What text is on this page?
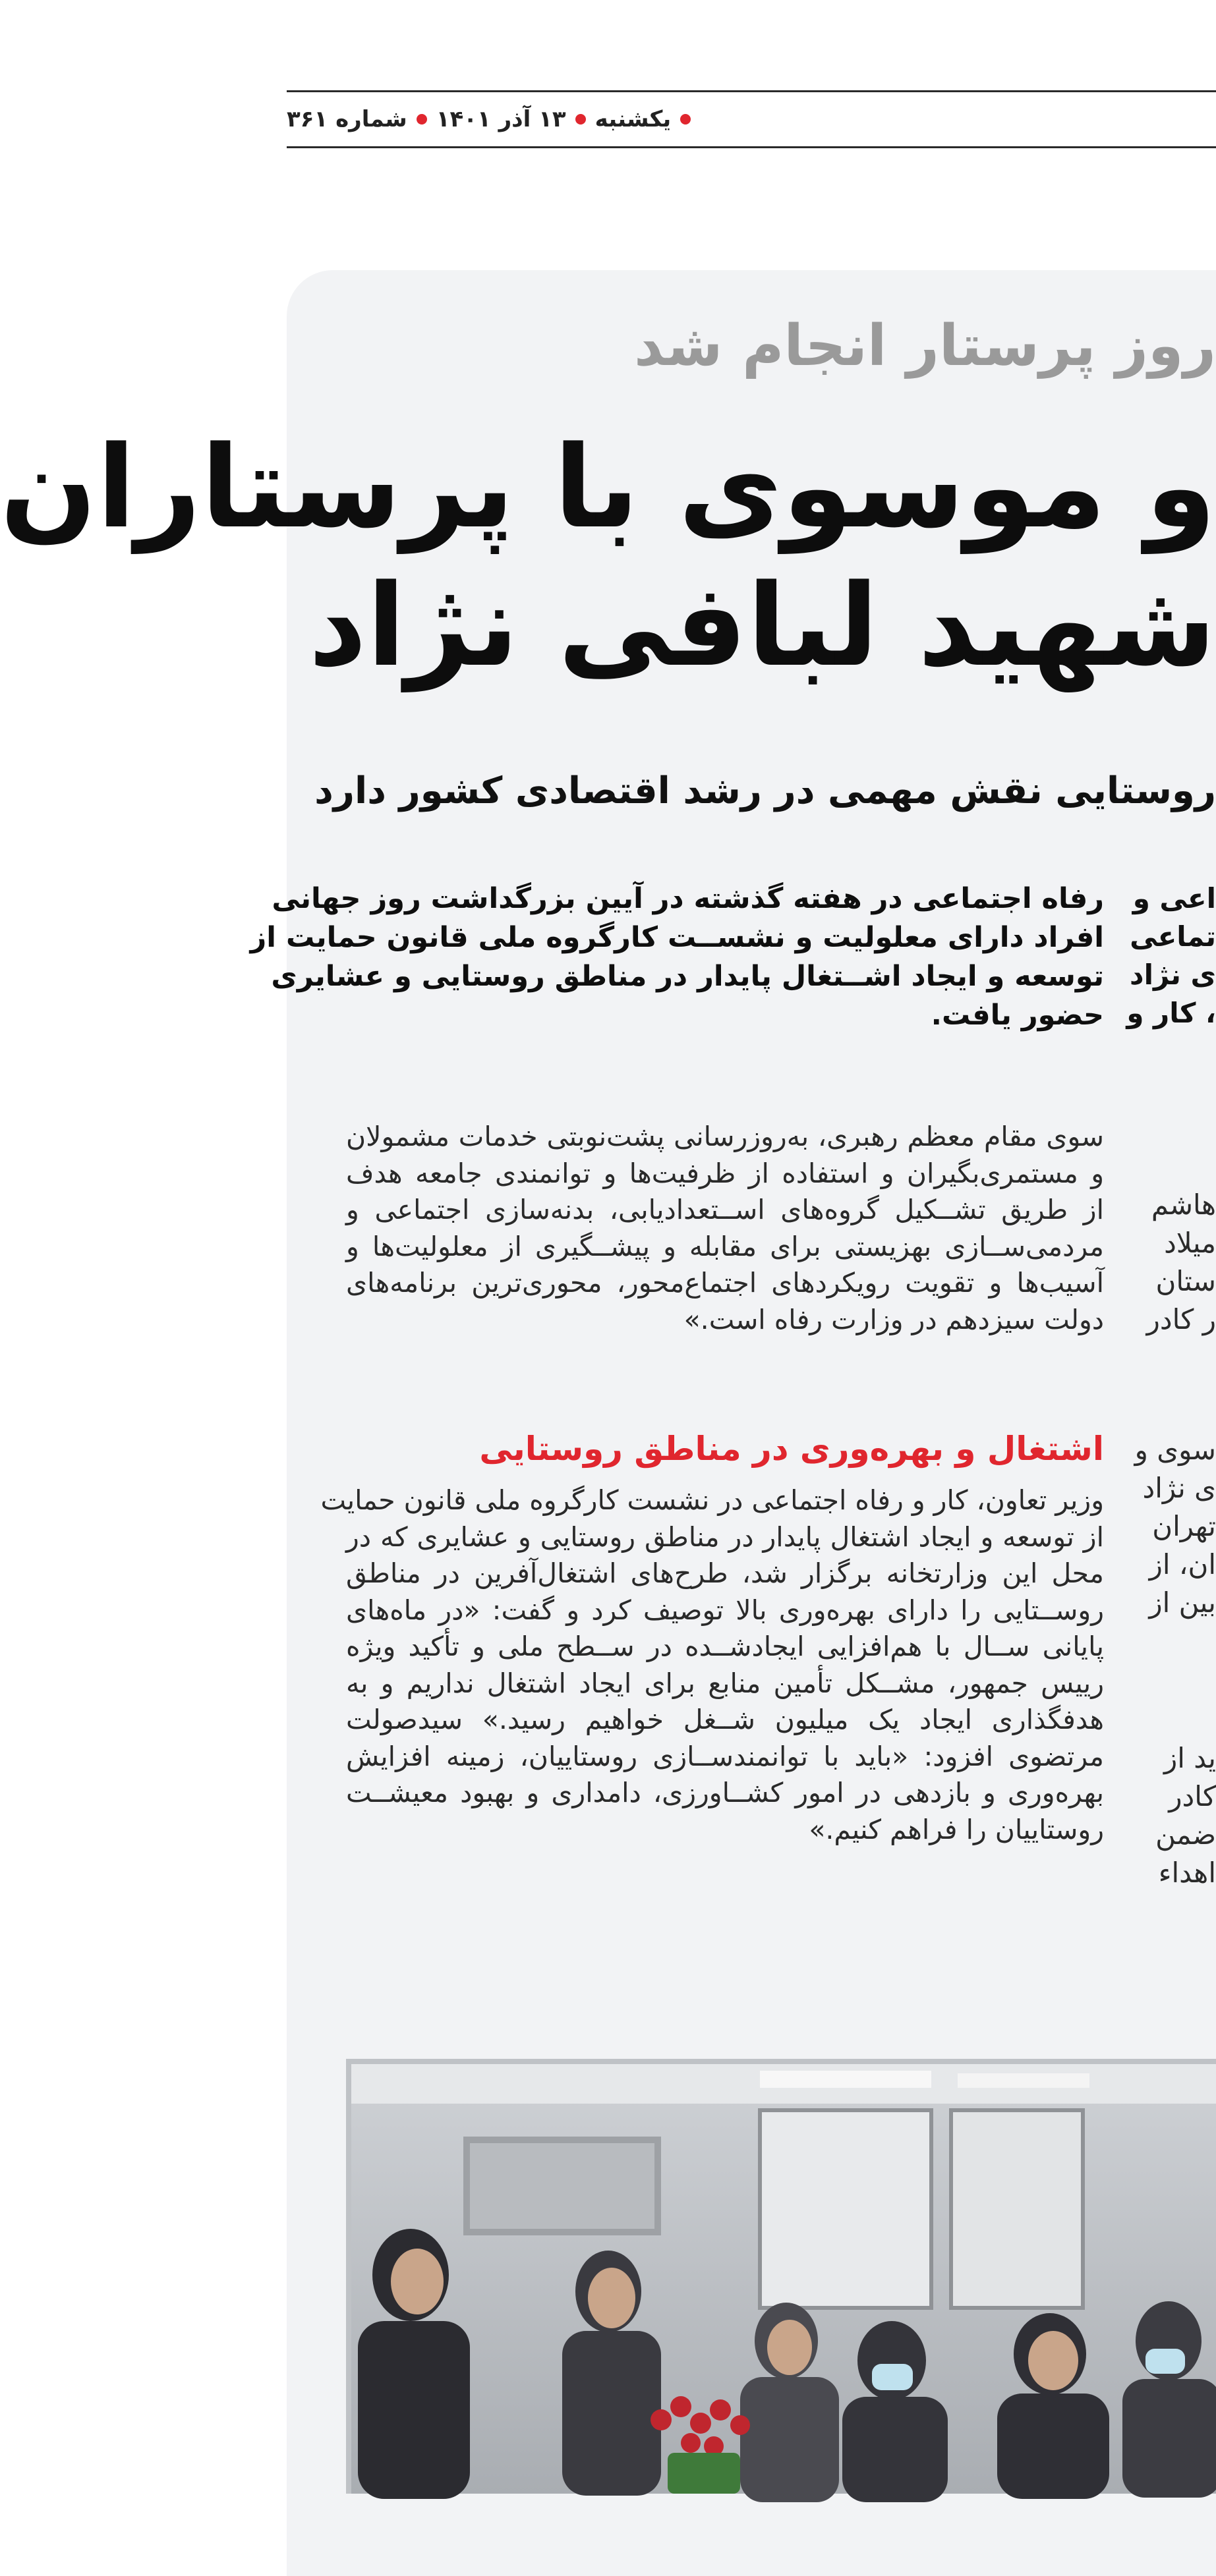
یکشنبه
۱۳ آذر ۱۴۰۱
شماره ۳۶۱
روز پرستار انجام شد
و موسوی با پرستاران
شهید لبافی نژاد
روستایی نقش مهمی در رشد اقتصادی کشور دارد
رفاه اجتماعی در هفته گذشته در آیین بزرگداشت روز جهانی
افراد دارای معلولیت و نشســت کارگروه ملی قانون حمایت از
توسعه و ایجاد اشــتغال پایدار در مناطق روستایی و عشایری
حضور یافت.
سوی مقام معظم رهبری، به‌روزرسانی پشت‌نوبتی خدمات مشمولان
و مستمری‌بگیران و استفاده از ظرفیت‌ها و توانمندی جامعه هدف
از طریق تشــکیل گروه‌های اســتعدادیابی، بدنه‌سازی اجتماعی و
مردمی‌ســازی بهزیستی برای مقابله و پیشــگیری از معلولیت‌ها و
آسیب‌ها و تقویت رویکردهای اجتماع‌محور، محوری‌ترین برنامه‌های
دولت سیزدهم در وزارت رفاه است.»
اشتغال و بهره‌وری در مناطق روستایی
وزیر تعاون، کار و رفاه اجتماعی در نشست کارگروه ملی قانون حمایت
از توسعه و ایجاد اشتغال پایدار در مناطق روستایی و عشایری که در
محل این وزارتخانه برگزار شد، طرح‌های اشتغال‌آفرین در مناطق
روســتایی را دارای بهره‌وری بالا توصیف کرد و گفت: «در ماه‌های
پایانی ســال با هم‌افزایی ایجادشــده در ســطح ملی و تأکید ویژه
رییس جمهور، مشــکل تأمین منابع برای ایجاد اشتغال نداریم و به
هدفگذاری ایجاد یک میلیون شــغل خواهیم رسید.» سیدصولت
مرتضوی افزود: «باید با توانمندســازی روستاییان، زمینه افزایش
بهره‌وری و بازدهی در امور کشــاورزی، دامداری و بهبود معیشــت
روستاییان را فراهم کنیم.»
اعی و
تماعی
ی نژاد
، کار و
هاشم
میلاد
ستان
ر کادر
سوی و
ی نژاد
تهران
ان، از
بین از
ید از
کادر
ضمن
اهداء
